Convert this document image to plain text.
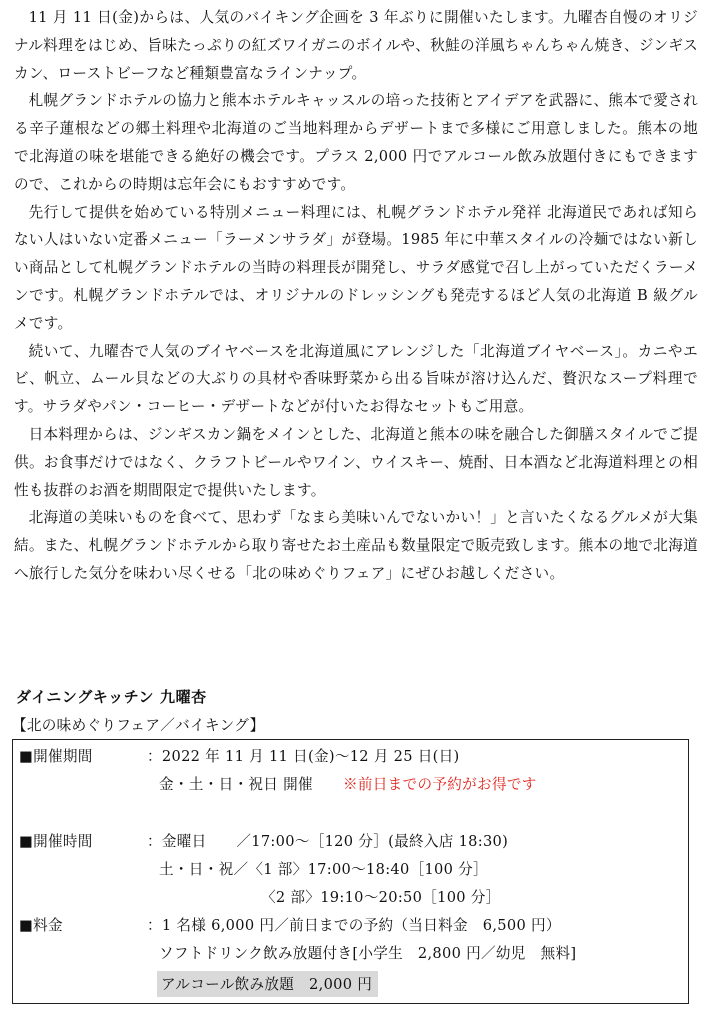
11 月 11 日(金)からは、人気のバイキング企画を 3 年ぶりに開催いたします。九曜杏自慢のオリジナル料理をはじめ、旨味たっぷりの紅ズワイガニのボイルや、秋鮭の洋風ちゃんちゃん焼き、ジンギスカン、ローストビーフなど種類豊富なラインナップ。

札幌グランドホテルの協力と熊本ホテルキャッスルの培った技術とアイデアを武器に、熊本で愛される辛子蓮根などの郷土料理や北海道のご当地料理からデザートまで多様にご用意しました。熊本の地で北海道の味を堪能できる絶好の機会です。プラス 2,000 円でアルコール飲み放題付きにもできますので、これからの時期は忘年会にもおすすめです。

先行して提供を始めている特別メニュー料理には、札幌グランドホテル発祥 北海道民であれば知らない人はいない定番メニュー「ラーメンサラダ」が登場。1985 年に中華スタイルの冷麺ではない新しい商品として札幌グランドホテルの当時の料理長が開発し、サラダ感覚で召し上がっていただくラーメンです。札幌グランドホテルでは、オリジナルのドレッシングも発売するほど人気の北海道 B 級グルメです。

続いて、九曜杏で人気のブイヤベースを北海道風にアレンジした「北海道ブイヤベース」。カニやエビ、帆立、ムール貝などの大ぶりの具材や香味野菜から出る旨味が溶け込んだ、贅沢なスープ料理です。サラダやパン・コーヒー・デザートなどが付いたお得なセットもご用意。

日本料理からは、ジンギスカン鍋をメインとした、北海道と熊本の味を融合した御膳スタイルでご提供。お食事だけではなく、クラフトビールやワイン、ウイスキー、焼酎、日本酒など北海道料理との相性も抜群のお酒を期間限定で提供いたします。

北海道の美味いものを食べて、思わず「なまら美味いんでないかい！」と言いたくなるグルメが大集結。また、札幌グランドホテルから取り寄せたお土産品も数量限定で販売致します。熊本の地で北海道へ旅行した気分を味わい尽くせる「北の味めぐりフェア」にぜひお越しください。

ダイニングキッチン 九曜杏
【北の味めぐりフェア／バイキング】
■開催期間	：2022 年 11 月 11 日(金)～12 月 25 日(日)
金・土・日・祝日 開催 ※前日までの予約がお得です
■開催時間	：金曜日　　／17:00～［120 分］(最終入店 18:30)
土・日・祝／〈1 部〉17:00～18:40［100 分］
〈2 部〉19:10～20:50［100 分］
■料金	：1 名様 6,000 円／前日までの予約（当日料金　6,500 円）
ソフトドリンク飲み放題付き[小学生　2,800 円／幼児　無料]
アルコール飲み放題　2,000 円
